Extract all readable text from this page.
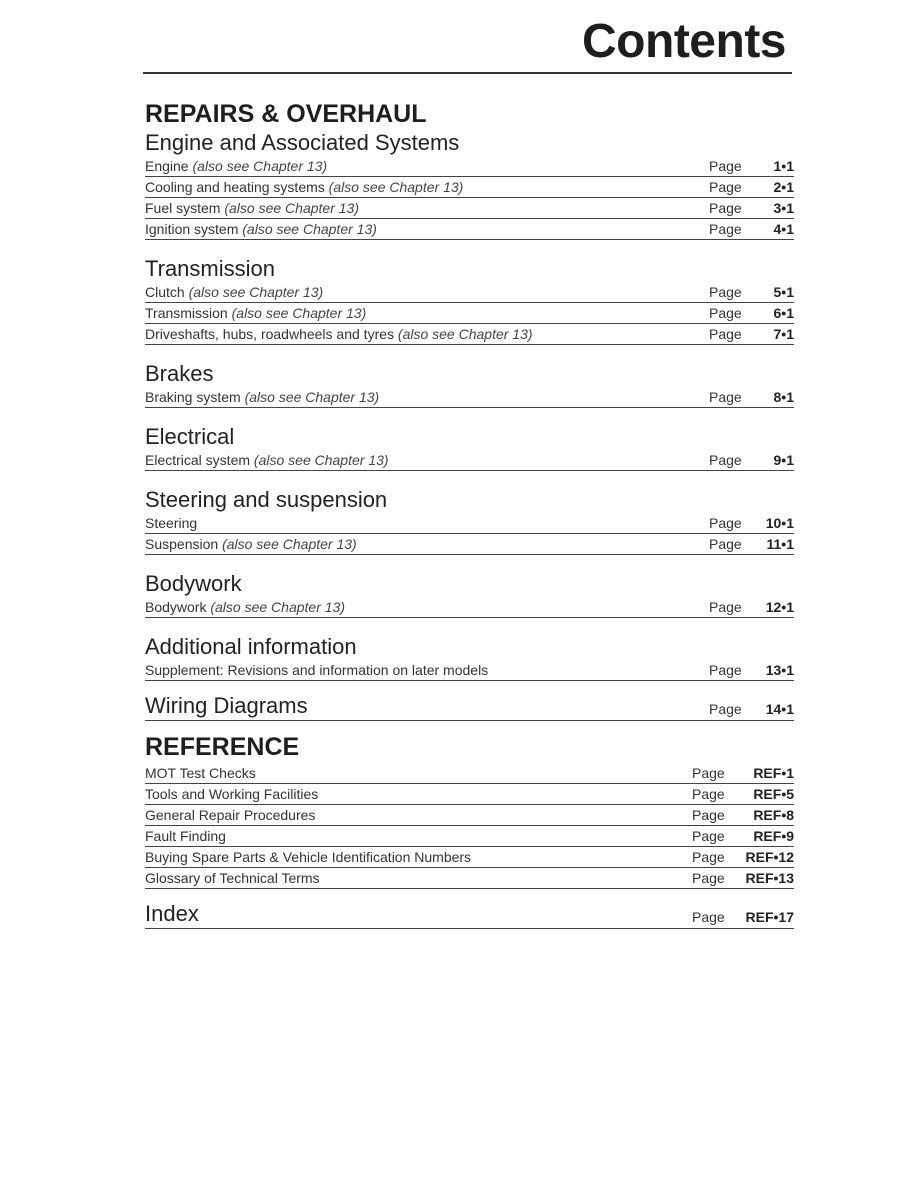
Contents
REPAIRS & OVERHAUL
Engine and Associated Systems
Engine (also see Chapter 13)	Page	1•1
Cooling and heating systems (also see Chapter 13)	Page	2•1
Fuel system (also see Chapter 13)	Page	3•1
Ignition system (also see Chapter 13)	Page	4•1
Transmission
Clutch (also see Chapter 13)	Page	5•1
Transmission (also see Chapter 13)	Page	6•1
Driveshafts, hubs, roadwheels and tyres (also see Chapter 13)	Page	7•1
Brakes
Braking system (also see Chapter 13)	Page	8•1
Electrical
Electrical system (also see Chapter 13)	Page	9•1
Steering and suspension
Steering	Page	10•1
Suspension (also see Chapter 13)	Page	11•1
Bodywork
Bodywork (also see Chapter 13)	Page	12•1
Additional information
Supplement: Revisions and information on later models	Page	13•1
Wiring Diagrams	Page	14•1
REFERENCE
MOT Test Checks	Page	REF•1
Tools and Working Facilities	Page	REF•5
General Repair Procedures	Page	REF•8
Fault Finding	Page	REF•9
Buying Spare Parts & Vehicle Identification Numbers	Page	REF•12
Glossary of Technical Terms	Page	REF•13
Index	Page	REF•17
